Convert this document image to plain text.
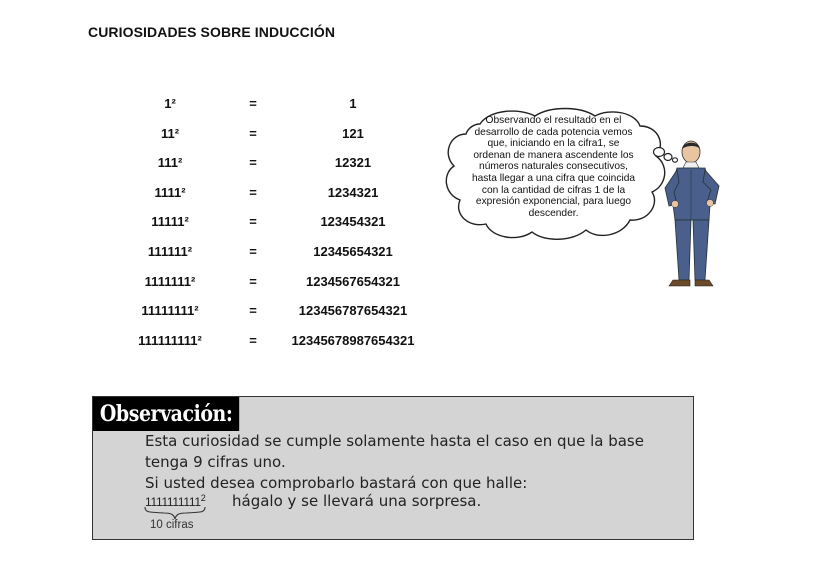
CURIOSIDADES SOBRE INDUCCIÓN
1²	=	1
11²	=	121
111²	=	12321
1111²	=	1234321
11111²	=	123454321
111111²	=	12345654321
1111111²	=	1234567654321
11111111²	=	123456787654321
111111111²	=	12345678987654321
Observando el resultado en el
desarrollo de cada potencia vemos
que, iniciando en la cifra1, se
ordenan de manera ascendente los
números naturales consecutivos,
hasta llegar a una cifra que coincida
con la cantidad de cifras 1 de la
expresión exponencial, para luego
descender.
Observación:
Esta curiosidad se cumple solamente hasta el caso en que la base
tenga 9 cifras uno.
Si usted desea comprobarlo bastará con que halle:
1111111111$^2$
10 cifras
hágalo y se llevará una sorpresa.
